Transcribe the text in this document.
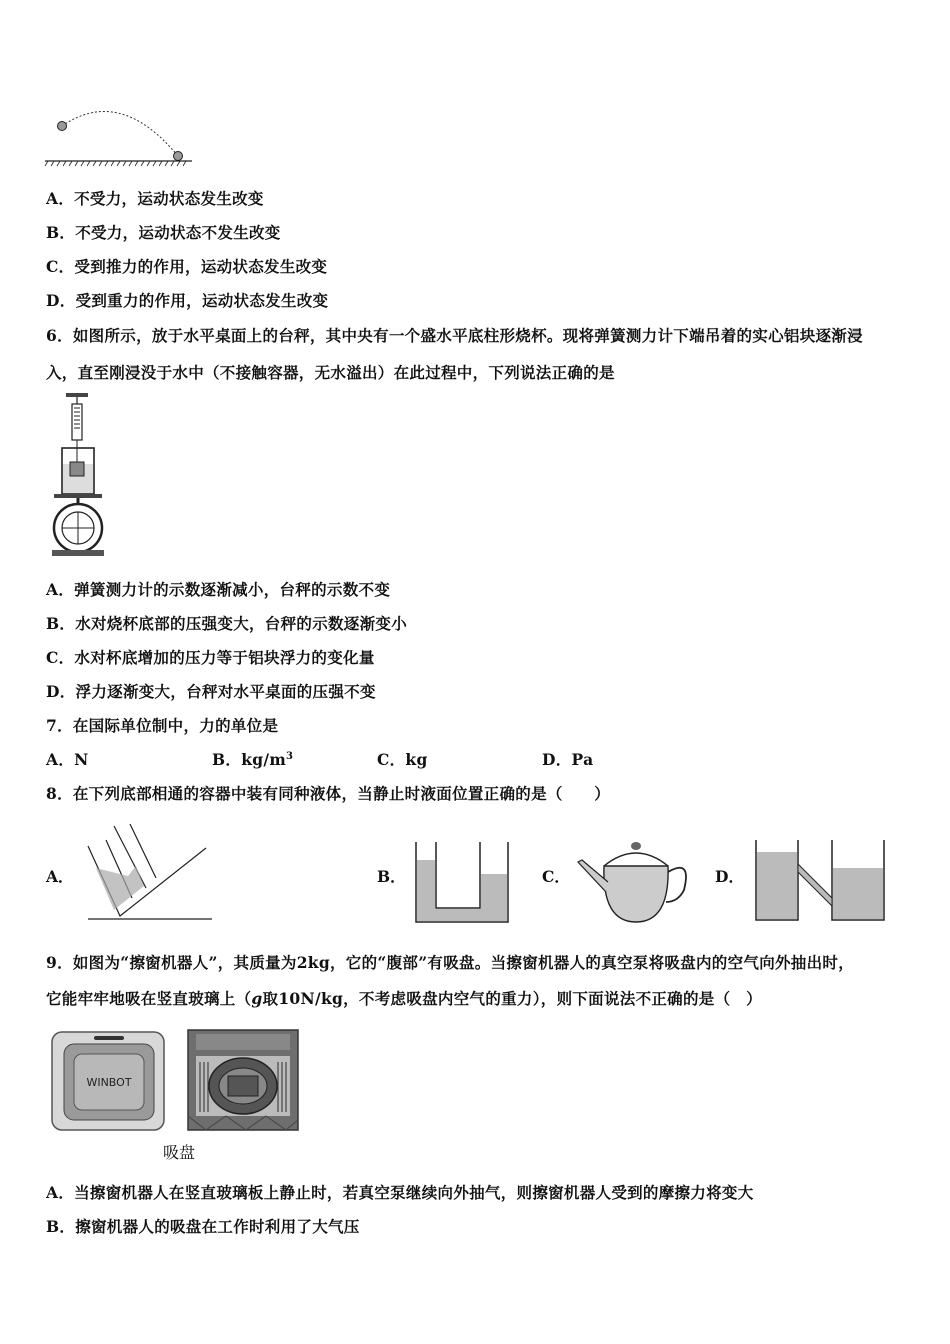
A．不受力，运动状态发生改变
B．不受力，运动状态不发生改变
C．受到推力的作用，运动状态发生改变
D．受到重力的作用，运动状态发生改变
6．如图所示，放于水平桌面上的台秤，其中央有一个盛水平底柱形烧杯。现将弹簧测力计下端吊着的实心铝块逐渐浸
入，直至刚浸没于水中（不接触容器，无水溢出）在此过程中，下列说法正确的是
A．弹簧测力计的示数逐渐减小，台秤的示数不变
B．水对烧杯底部的压强变大，台秤的示数逐渐变小
C．水对杯底增加的压力等于铝块浮力的变化量
D．浮力逐渐变大，台秤对水平桌面的压强不变
7．在国际单位制中，力的单位是
A．N	B．$kg/m^3$	C．kg	D．Pa
8．在下列底部相通的容器中装有同种液体，当静止时液面位置正确的是（　　）
A．	B．	C．	D．
9．如图为“擦窗机器人”，其质量为2kg，它的“腹部”有吸盘。当擦窗机器人的真空泵将吸盘内的空气向外抽出时，
它能牢牢地吸在竖直玻璃上（g取10N/kg，不考虑吸盘内空气的重力），则下面说法不正确的是（　）
WINBOT
吸盘
A．当擦窗机器人在竖直玻璃板上静止时，若真空泵继续向外抽气，则擦窗机器人受到的摩擦力将变大
B．擦窗机器人的吸盘在工作时利用了大气压
